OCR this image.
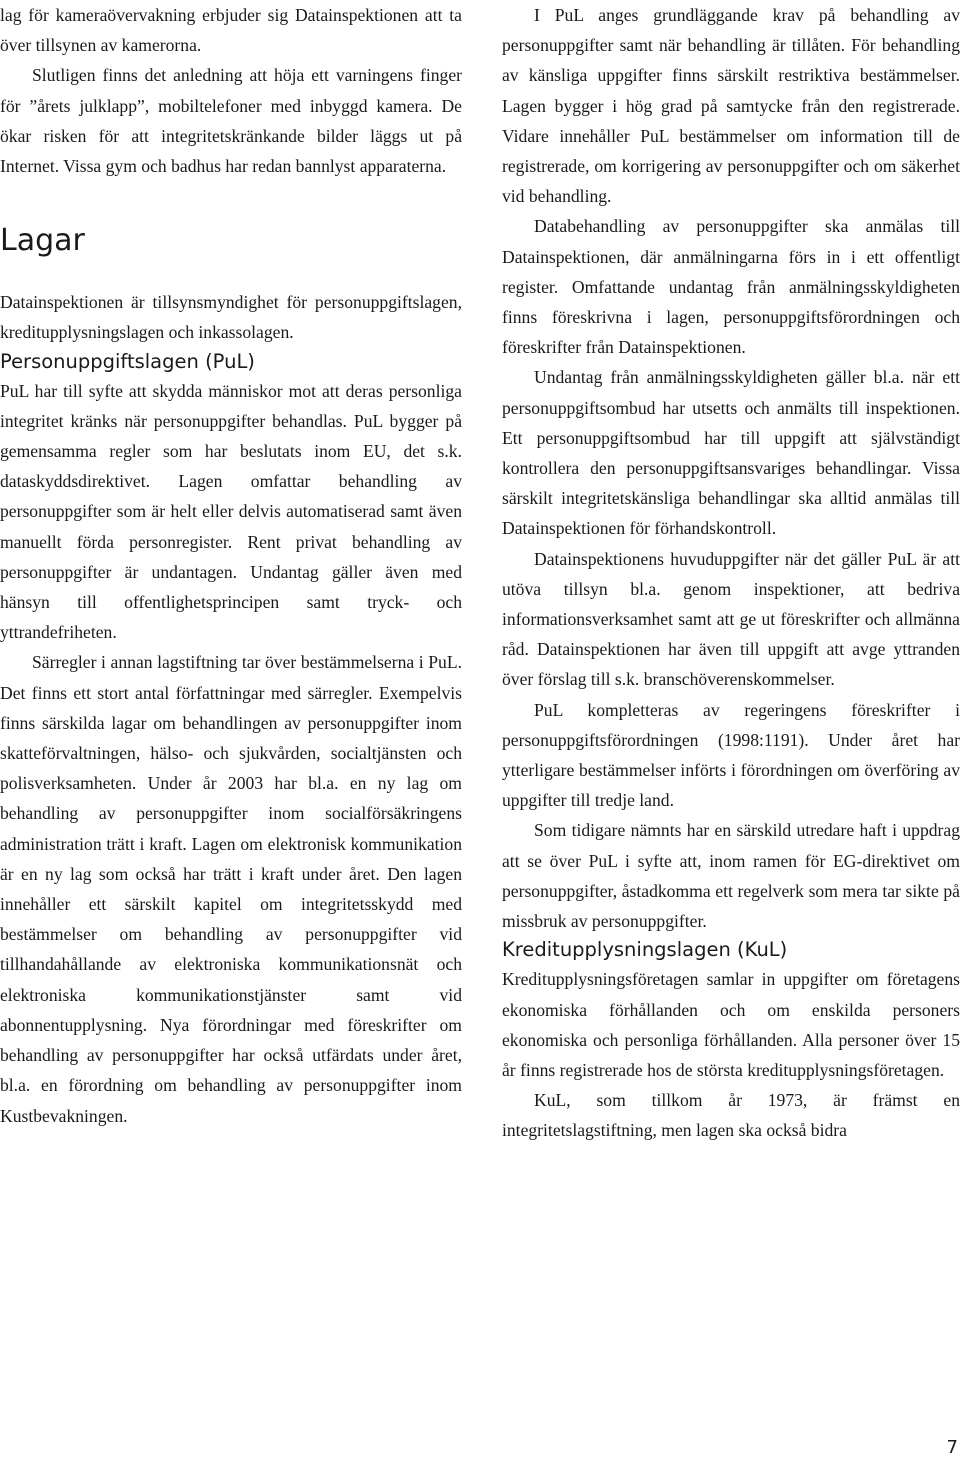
lag för kameraövervakning erbjuder sig Datainspektionen att ta över tillsynen av kamerorna.

Slutligen finns det anledning att höja ett varningens finger för ”årets julklapp”, mobiltelefoner med inbyggd kamera. De ökar risken för att integritetskränkande bilder läggs ut på Internet. Vissa gym och badhus har redan bannlyst apparaterna.

Lagar

Datainspektionen är tillsynsmyndighet för personuppgiftslagen, kreditupplysningslagen och inkassolagen.

Personuppgiftslagen (PuL)

PuL har till syfte att skydda människor mot att deras personliga integritet kränks när personuppgifter behandlas. PuL bygger på gemensamma regler som har beslutats inom EU, det s.k. dataskyddsdirektivet. Lagen omfattar behandling av personuppgifter som är helt eller delvis automatiserad samt även manuellt förda personregister. Rent privat behandling av personuppgifter är undantagen. Undantag gäller även med hänsyn till offentlighetsprincipen samt tryck- och yttrandefriheten.

Särregler i annan lagstiftning tar över bestämmelserna i PuL. Det finns ett stort antal författningar med särregler. Exempelvis finns särskilda lagar om behandlingen av personuppgifter inom skatteförvaltningen, hälso- och sjukvården, socialtjänsten och polisverksamheten. Under år 2003 har bl.a. en ny lag om behandling av personuppgifter inom socialförsäkringens administration trätt i kraft. Lagen om elektronisk kommunikation är en ny lag som också har trätt i kraft under året. Den lagen innehåller ett särskilt kapitel om integritetsskydd med bestämmelser om behandling av personuppgifter vid tillhandahållande av elektroniska kommunikationsnät och elektroniska kommunikationstjänster samt vid abonnentupplysning. Nya förordningar med föreskrifter om behandling av personuppgifter har också utfärdats under året, bl.a. en förordning om behandling av personuppgifter inom Kustbevakningen.

I PuL anges grundläggande krav på behandling av personuppgifter samt när behandling är tillåten. För behandling av känsliga uppgifter finns särskilt restriktiva bestämmelser. Lagen bygger i hög grad på samtycke från den registrerade. Vidare innehåller PuL bestämmelser om information till de registrerade, om korrigering av personuppgifter och om säkerhet vid behandling.

Databehandling av personuppgifter ska anmälas till Datainspektionen, där anmälningarna förs in i ett offentligt register. Omfattande undantag från anmälningsskyldigheten finns föreskrivna i lagen, personuppgiftsförordningen och föreskrifter från Datainspektionen.

Undantag från anmälningsskyldigheten gäller bl.a. när ett personuppgiftsombud har utsetts och anmälts till inspektionen. Ett personuppgiftsombud har till uppgift att självständigt kontrollera den personuppgiftsansvariges behandlingar. Vissa särskilt integritetskänsliga behandlingar ska alltid anmälas till Datainspektionen för förhandskontroll.

Datainspektionens huvuduppgifter när det gäller PuL är att utöva tillsyn bl.a. genom inspektioner, att bedriva informationsverksamhet samt att ge ut föreskrifter och allmänna råd. Datainspektionen har även till uppgift att avge yttranden över förslag till s.k. branschöverenskommelser.

PuL kompletteras av regeringens föreskrifter i personuppgiftsförordningen (1998:1191). Under året har ytterligare bestämmelser införts i förordningen om överföring av uppgifter till tredje land.

Som tidigare nämnts har en särskild utredare haft i uppdrag att se över PuL i syfte att, inom ramen för EG-direktivet om personuppgifter, åstadkomma ett regelverk som mera tar sikte på missbruk av personuppgifter.

Kreditupplysningslagen (KuL)

Kreditupplysningsföretagen samlar in uppgifter om företagens ekonomiska förhållanden och om enskilda personers ekonomiska och personliga förhållanden. Alla personer över 15 år finns registrerade hos de största kreditupplysningsföretagen.

KuL, som tillkom år 1973, är främst en integritetslagstiftning, men lagen ska också bidra

7
